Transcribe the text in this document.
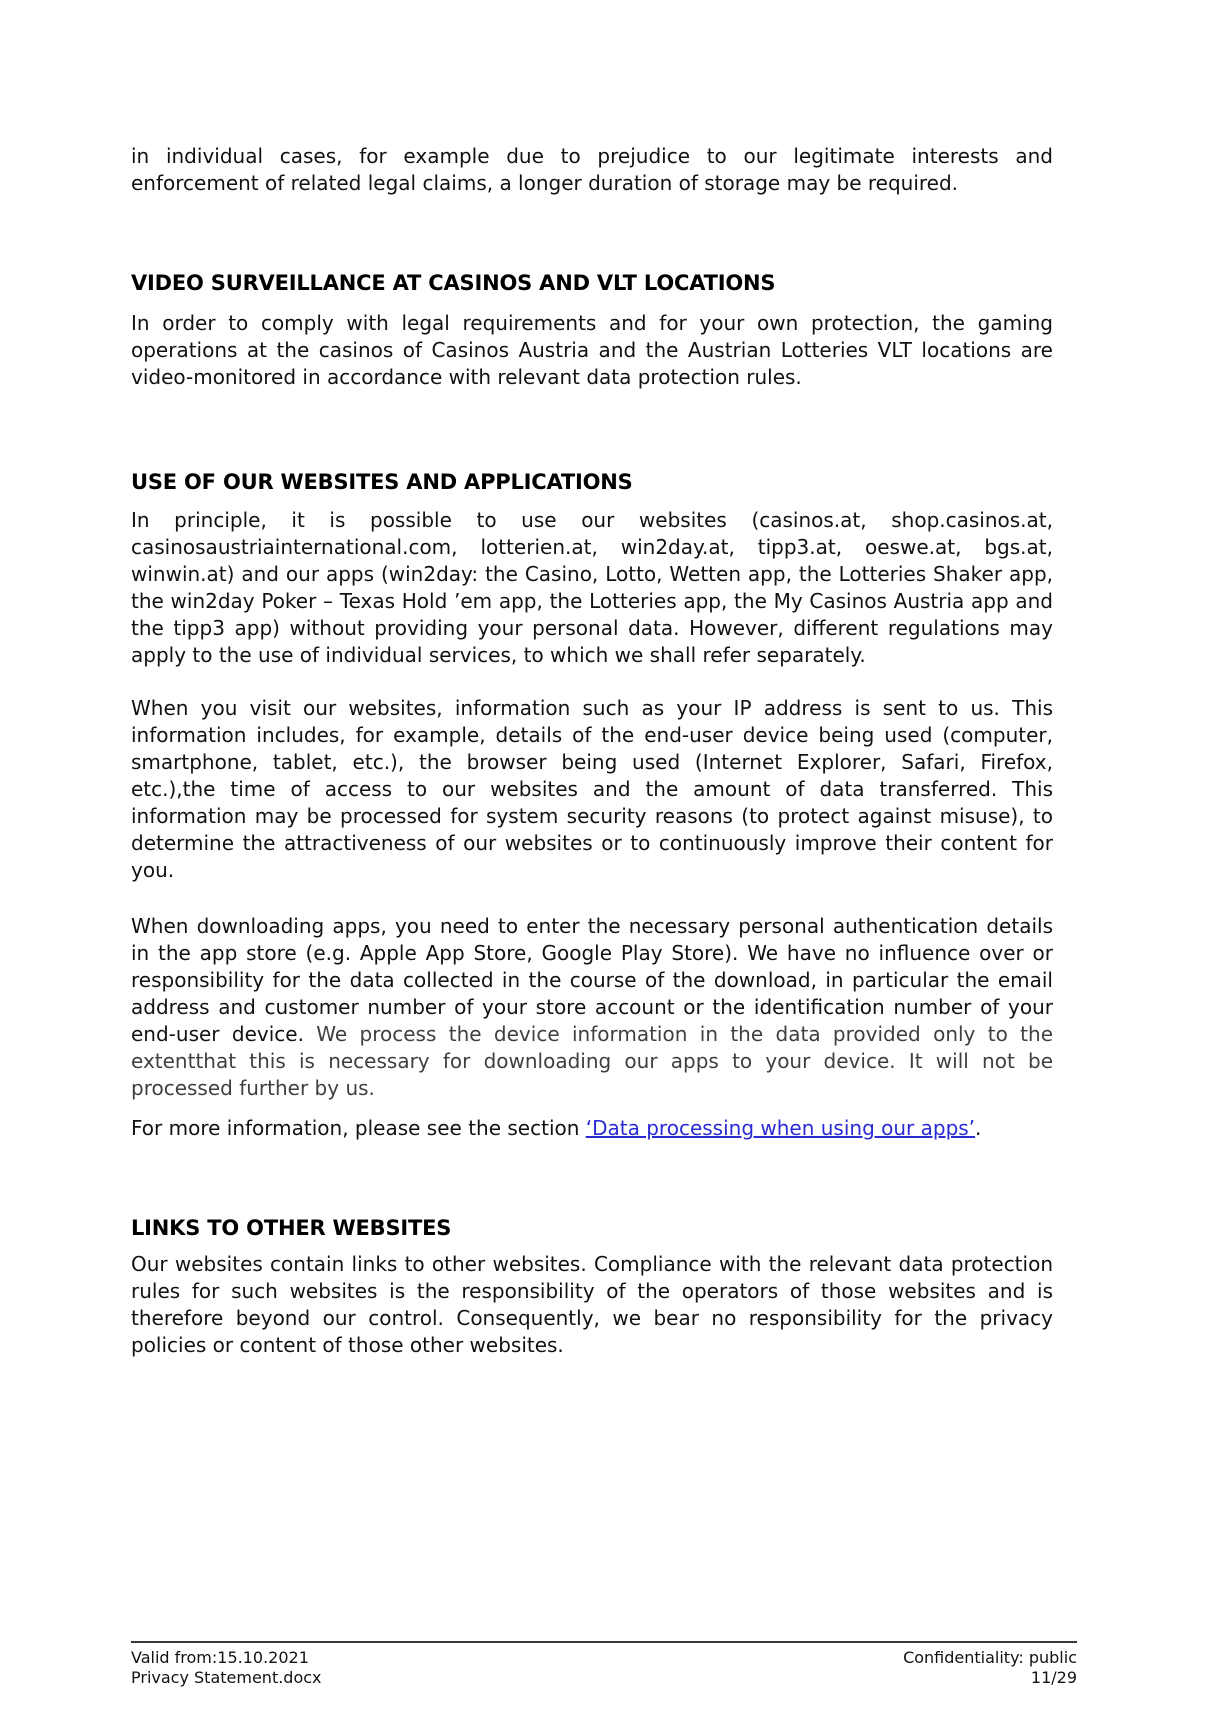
in individual cases, for example due to prejudice to our legitimate interests and enforcement of related legal claims, a longer duration of storage may be required.

VIDEO SURVEILLANCE AT CASINOS AND VLT LOCATIONS

In order to comply with legal requirements and for your own protection, the gaming operations at the casinos of Casinos Austria and the Austrian Lotteries VLT locations are video-monitored in accordance with relevant data protection rules.

USE OF OUR WEBSITES AND APPLICATIONS

In principle, it is possible to use our websites (casinos.at, shop.casinos.at, casinosaustriainternational.com, lotterien.at, win2day.at, tipp3.at, oeswe.at, bgs.at, winwin.at) and our apps (win2day: the Casino, Lotto, Wetten app, the Lotteries Shaker app, the win2day Poker – Texas Hold ’em app, the Lotteries app, the My Casinos Austria app and the tipp3 app) without providing your personal data. However, different regulations may apply to the use of individual services, to which we shall refer separately.

When you visit our websites, information such as your IP address is sent to us. This information includes, for example, details of the end-user device being used (computer, smartphone, tablet, etc.), the browser being used (Internet Explorer, Safari, Firefox, etc.),the time of access to our websites and the amount of data transferred. This information may be processed for system security reasons (to protect against misuse), to determine the attractiveness of our websites or to continuously improve their content for you.

When downloading apps, you need to enter the necessary personal authentication details in the app store (e.g. Apple App Store, Google Play Store). We have no influence over or responsibility for the data collected in the course of the download, in particular the email address and customer number of your store account or the identification number of your end-user device. We process the device information in the data provided only to the extentthat this is necessary for downloading our apps to your device. It will not be processed further by us.

For more information, please see the section ‘Data processing when using our apps’.

LINKS TO OTHER WEBSITES

Our websites contain links to other websites. Compliance with the relevant data protection rules for such websites is the responsibility of the operators of those websites and is therefore beyond our control. Consequently, we bear no responsibility for the privacy policies or content of those other websites.

Valid from:15.10.2021
Privacy Statement.docx
Confidentiality: public
11/29
